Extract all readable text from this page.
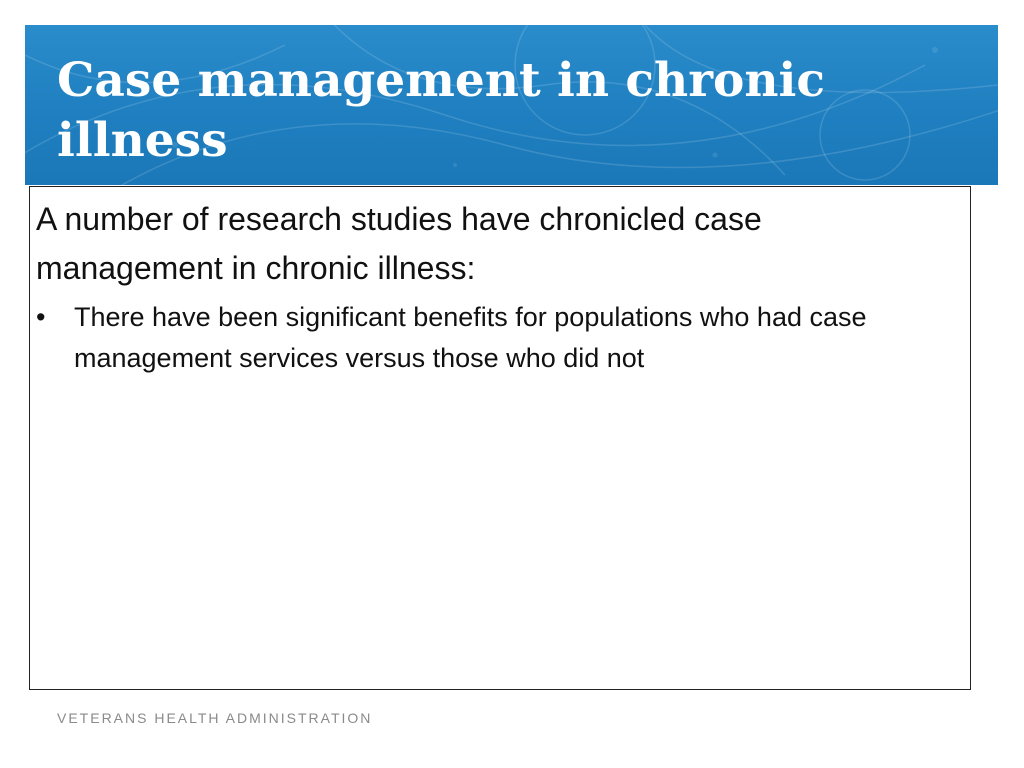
Case management in chronic illness

A number of research studies have chronicled case management in chronic illness:

• There have been significant benefits for populations who had case management services versus those who did not

VETERANS HEALTH ADMINISTRATION
